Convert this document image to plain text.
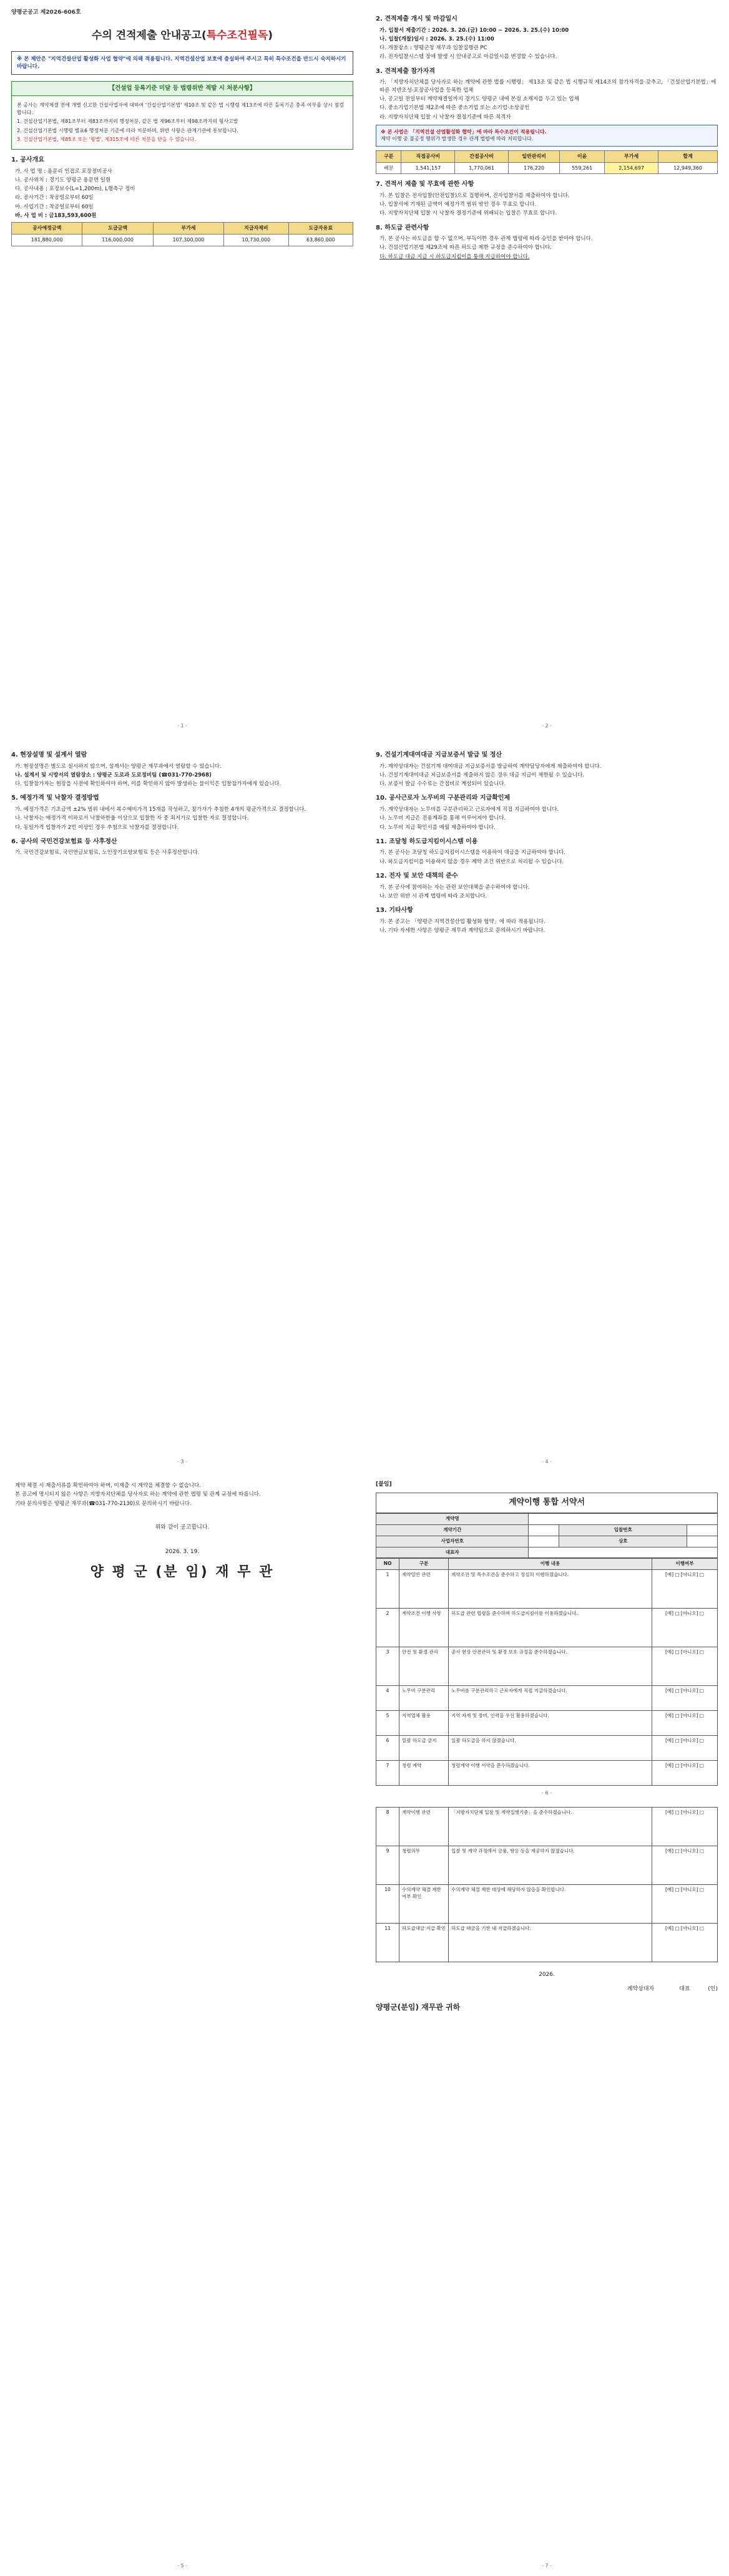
양평군공고 제2026-606호
수의 견적제출 안내공고(특수조건필독)
※ 본 제안은 "지역건설산업 활성화 사업 협약"에 의해 적용됩니다. 지역건설산업 보호에 충실하여 주시고 특히 특수조건을 반드시 숙지하시기 바랍니다.
【건설업 등록기준 미달 등 법령위반 적발 시 처분사항】

본 공사는 계약체결 전에 개별 신고한 건설사업자에 대하여 '건설산업기본법' 제10조 및 같은 법 시행령 제13조에 따른 등록기준 충족 여부를 상시 점검합니다.

1. 건설산업기본법, 제81조부터 제83조까지의 행정처분, 같은 법 제96조부터 제98조까지의 형사고발

2. 건설산업기본법 시행령 별표6 행정처분 기준에 따라 처분하며, 위반 사항은 관계기관에 통보합니다.

3. 건설산업기본법, 제85조 또는 '형법', 제315조에 따른 처분을 받을 수 있습니다.

1. 공사개요
가. 사 업 명 : 용문리 인접로 포장정비공사
나. 공사위치 : 경기도 양평군 용문면 일원
다. 공사내용 : 포장보수(L=1,200m), L형측구 정비
라. 공사기간 : 착공일로부터 60일
마. 사업기간 : 착공일로부터 60일
바. 사 업 비 : 금183,593,600원
공사예정금액	도급금액	부가세	지급자재비	도급자유료
181,880,000	116,000,000	107,300,000	10,730,000	63,860,000
- 1 -
2. 견적제출 개시 및 마감일시
가. 입찰서 제출기간 : 2026. 3. 20.(금) 10:00 ~ 2026. 3. 25.(수) 10:00
나. 입찰(개찰)일시 : 2026. 3. 25.(수) 11:00
다. 개찰장소 : 양평군청 재무과 입찰집행관 PC
라. 전자입찰시스템 장애 발생 시 안내공고로 마감일시를 변경할 수 있습니다.
3. 견적제출 참가자격
가. 「지방자치단체를 당사자로 하는 계약에 관한 법률 시행령」 제13조 및 같은 법 시행규칙 제14조의 참가자격을 갖추고, 「건설산업기본법」에 따른 지반조성·포장공사업을 등록한 업체
나. 공고일 전일부터 계약체결일까지 경기도 양평군 내에 본점 소재지를 두고 있는 업체
다. 중소기업기본법 제2조에 따른 중소기업 또는 소기업·소상공인
라. 지방자치단체 입찰 시 낙찰자 결정기준에 따른 적격자
※ 본 사업은 「지역건설 산업활성화 협약」에 따라 특수조건이 적용됩니다.
계약 이행 중 불공정 행위가 발생한 경우 관계 법령에 따라 처리합니다.
구분	직접공사비	간접공사비	일반관리비	이윤	부가세	합계
배분	1,541,157	1,770,061	176,220	559,261	2,154,697	12,949,360
7. 견적서 제출 및 무효에 관한 사항
가. 본 입찰은 전자입찰(안전입찰)으로 집행하며, 전자입찰서를 제출하여야 합니다.
나. 입찰서에 기재된 금액이 예정가격 범위 밖인 경우 무효로 합니다.
다. 지방자치단체 입찰 시 낙찰자 결정기준에 위배되는 입찰은 무효로 합니다.
8. 하도급 관련사항
가. 본 공사는 하도급을 할 수 없으며, 부득이한 경우 관계 법령에 따라 승인을 받아야 합니다.
나. 건설산업기본법 제29조에 따른 하도급 제한 규정을 준수하여야 합니다.
다. 하도급 대금 지급 시 하도급지킴이를 통해 지급하여야 합니다.
- 2 -
4. 현장설명 및 설계서 열람
가. 현장설명은 별도로 실시하지 않으며, 설계서는 양평군 재무과에서 열람할 수 있습니다.
나. 설계서 및 시방서의 열람장소 : 양평군 도로과 도로정비팀 (☎031-770-2968)
다. 입찰참가자는 현장을 사전에 확인하여야 하며, 이를 확인하지 않아 발생하는 불이익은 입찰참가자에게 있습니다.
5. 예정가격 및 낙찰자 결정방법
가. 예정가격은 기초금액 ±2% 범위 내에서 복수예비가격 15개를 작성하고, 참가자가 추첨한 4개의 평균가격으로 결정합니다.
나. 낙찰자는 예정가격 이하로서 낙찰하한율 이상으로 입찰한 자 중 최저가로 입찰한 자로 결정합니다.
다. 동일가격 입찰자가 2인 이상인 경우 추첨으로 낙찰자를 결정합니다.
6. 공사의 국민건강보험료 등 사후정산
가. 국민건강보험료, 국민연금보험료, 노인장기요양보험료 등은 사후정산합니다.
- 3 -
9. 건설기계대여대금 지급보증서 발급 및 정산
가. 계약상대자는 건설기계 대여대금 지급보증서를 발급하여 계약담당자에게 제출하여야 합니다.
나. 건설기계대여대금 지급보증서를 제출하지 않은 경우 대금 지급이 제한될 수 있습니다.
다. 보증서 발급 수수료는 간접비로 계상되어 있습니다.
10. 공사근로자 노무비의 구분관리와 지급확인제
가. 계약상대자는 노무비를 구분관리하고 근로자에게 직접 지급하여야 합니다.
나. 노무비 지급은 전용계좌를 통해 이루어져야 합니다.
다. 노무비 지급 확인서를 매월 제출하여야 합니다.
11. 조달청 하도급지킴이시스템 이용
가. 본 공사는 조달청 하도급지킴이시스템을 이용하여 대금을 지급하여야 합니다.
나. 하도급지킴이를 이용하지 않을 경우 계약 조건 위반으로 처리될 수 있습니다.
12. 전자 및 보안 대책의 준수
가. 본 공사에 참여하는 자는 관련 보안대책을 준수하여야 합니다.
나. 보안 위반 시 관계 법령에 따라 조치합니다.
13. 기타사항
가. 본 공고는 「양평군 지역건설산업 활성화 협약」에 따라 적용됩니다.
나. 기타 자세한 사항은 양평군 재무과 계약팀으로 문의하시기 바랍니다.
- 4 -
계약 체결 시 제출서류를 확인하여야 하며, 미제출 시 계약을 체결할 수 없습니다.
본 공고에 명시되지 않은 사항은 지방자치단체를 당사자로 하는 계약에 관한 법령 및 관계 규정에 따릅니다.
기타 문의사항은 양평군 재무과(☎031-770-2130)로 문의하시기 바랍니다.
위와 같이 공고합니다.
2026. 3. 19.
양 평 군 (분 임) 재 무 관
- 5 -
[붙임]
계약이행 통합 서약서
계약명			
계약기간		입찰번호	
사업자번호		상호	
대표자			
NO	구분	이행 내용	이행여부
1	계약일반 관련	계약조건 및 특수조건을 준수하고 성실히 이행하겠습니다.	[예] □ [아니오] □
2	계약조건 이행 사항	하도급 관련 법령을 준수하며 하도급지킴이를 이용하겠습니다.	[예] □ [아니오] □
3	안전 및 환경 관리	공사 현장 안전관리 및 환경 보호 규정을 준수하겠습니다.	[예] □ [아니오] □
4	노무비 구분관리	노무비를 구분관리하고 근로자에게 직접 지급하겠습니다.	[예] □ [아니오] □
5	지역업체 활용	지역 자재 및 장비, 인력을 우선 활용하겠습니다.	[예] □ [아니오] □
6	일괄 하도급 금지	일괄 하도급을 하지 않겠습니다.	[예] □ [아니오] □
7	청렴 계약	청렴계약 이행 서약을 준수하겠습니다.	[예] □ [아니오] □
- 6 -
8	계약이행 관련	「지방자치단체 입찰 및 계약집행기준」을 준수하겠습니다.	[예] □ [아니오] □
9	청렴의무	입찰 및 계약 과정에서 금품, 향응 등을 제공하지 않겠습니다.	[예] □ [아니오] □
10	수의계약 체결 제한 여부 확인	수의계약 체결 제한 대상에 해당하지 않음을 확인합니다.	[예] □ [아니오] □
11	하도급대금 지급 확인	하도급 대금을 기한 내 지급하겠습니다.	[예] □ [아니오] □
2026.
계약상대자	대표	(인)
양평군(분임) 재무관 귀하
- 7 -
